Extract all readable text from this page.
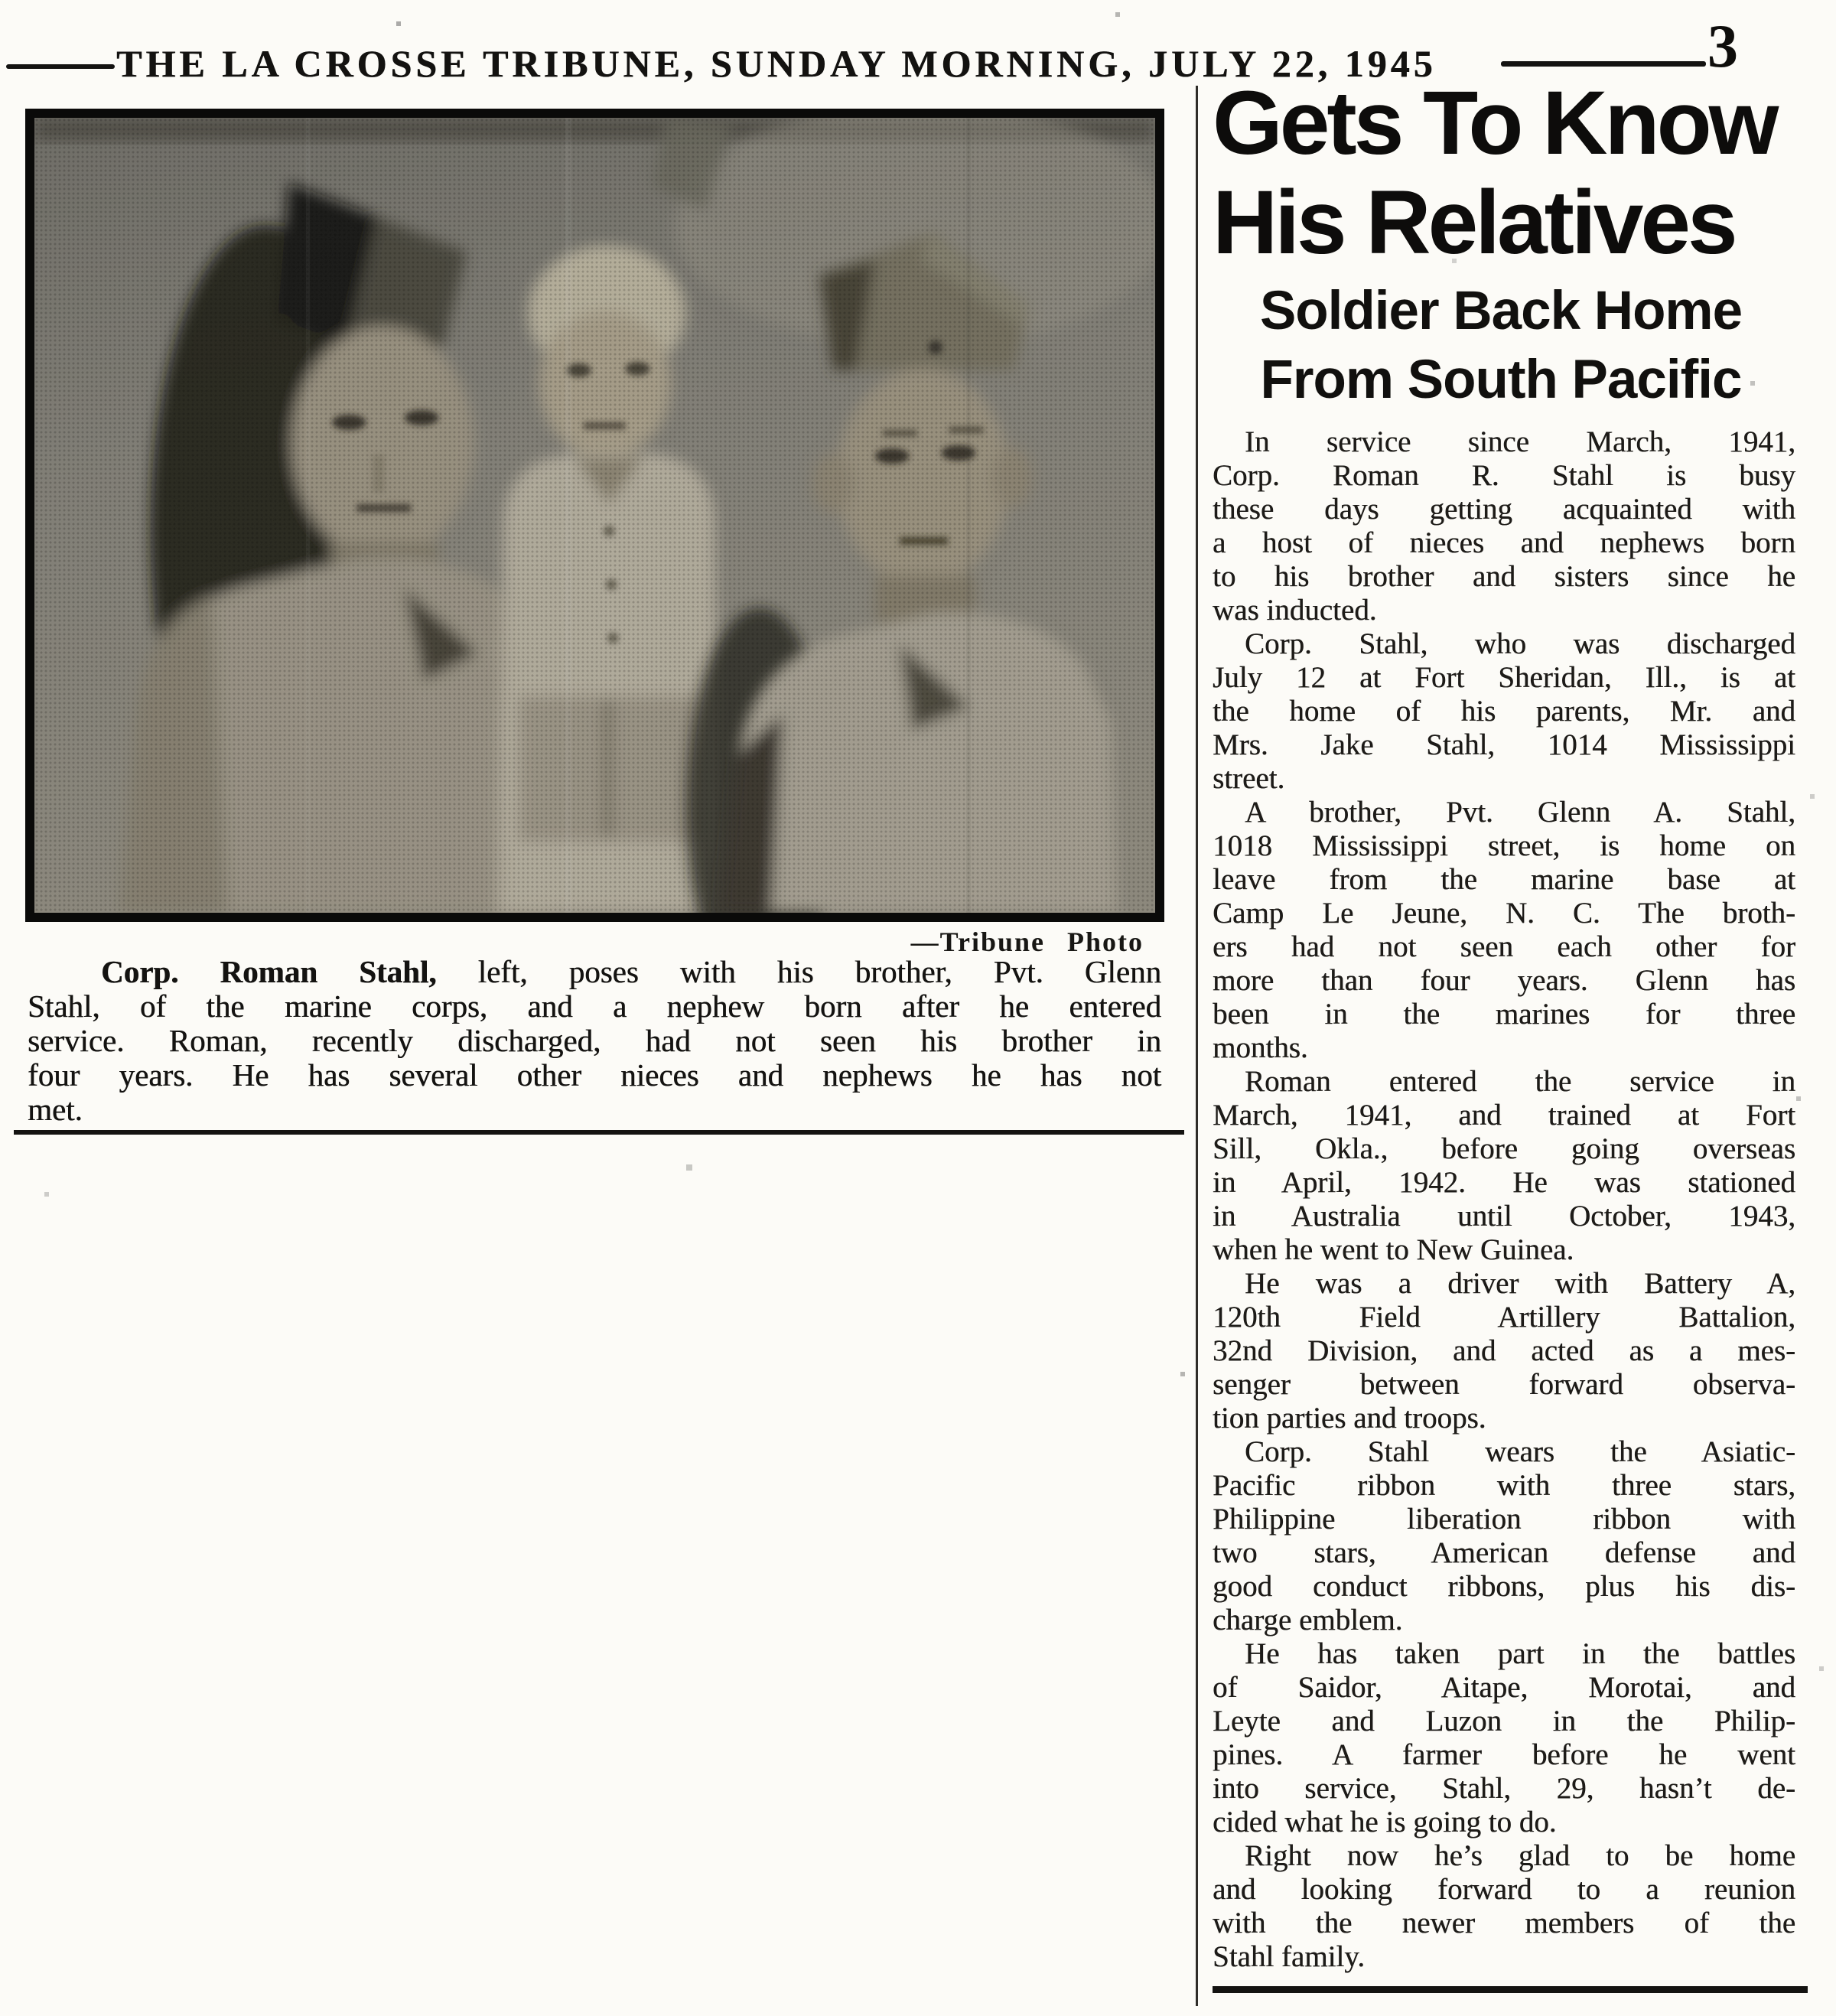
THE LA CROSSE TRIBUNE, SUNDAY MORNING, JULY 22, 1945	3
—Tribune Photo
Corp. Roman Stahl, left, poses with his brother, Pvt. Glenn
Stahl, of the marine corps, and a nephew born after he entered
service. Roman, recently discharged, had not seen his brother in
four years. He has several other nieces and nephews he has not
met.
Gets To Know
His Relatives
Soldier Back Home
From South Pacific
In service since March, 1941,
Corp. Roman R. Stahl is busy
these days getting acquainted with
a host of nieces and nephews born
to his brother and sisters since he
was inducted.
Corp. Stahl, who was discharged
July 12 at Fort Sheridan, Ill., is at
the home of his parents, Mr. and
Mrs. Jake Stahl, 1014 Mississippi
street.
A brother, Pvt. Glenn A. Stahl,
1018 Mississippi street, is home on
leave from the marine base at
Camp Le Jeune, N. C. The broth-
ers had not seen each other for
more than four years. Glenn has
been in the marines for three
months.
Roman entered the service in
March, 1941, and trained at Fort
Sill, Okla., before going overseas
in April, 1942. He was stationed
in Australia until October, 1943,
when he went to New Guinea.
He was a driver with Battery A,
120th Field Artillery Battalion,
32nd Division, and acted as a mes-
senger between forward observa-
tion parties and troops.
Corp. Stahl wears the Asiatic-
Pacific ribbon with three stars,
Philippine liberation ribbon with
two stars, American defense and
good conduct ribbons, plus his dis-
charge emblem.
He has taken part in the battles
of Saidor, Aitape, Morotai, and
Leyte and Luzon in the Philip-
pines. A farmer before he went
into service, Stahl, 29, hasn’t de-
cided what he is going to do.
Right now he’s glad to be home
and looking forward to a reunion
with the newer members of the
Stahl family.
